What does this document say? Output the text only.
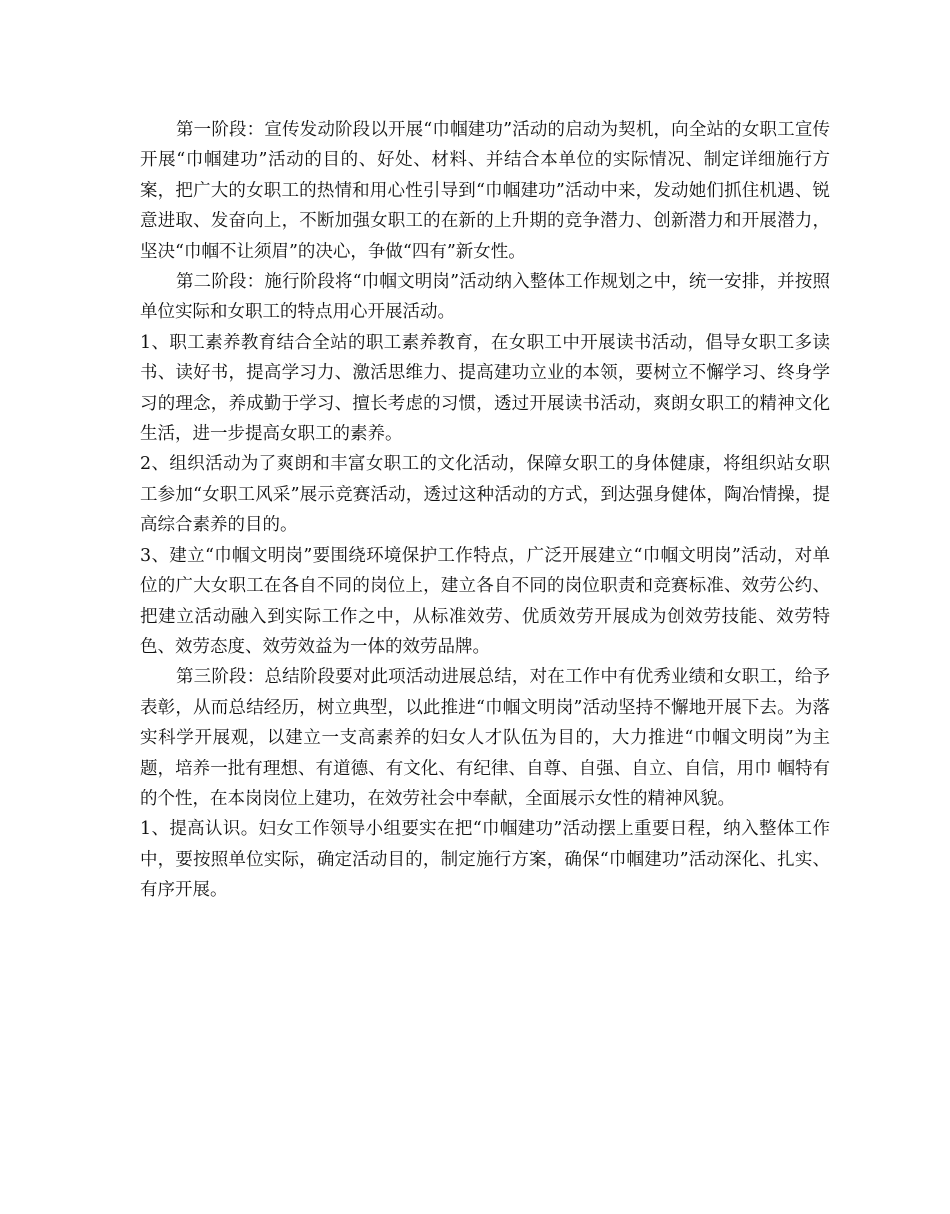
第一阶段：宣传发动阶段以开展“巾帼建功”活动的启动为契机，向全站的女职工宣传开展“巾帼建功”活动的目的、好处、材料、并结合本单位的实际情况、制定详细施行方案，把广大的女职工的热情和用心性引导到“巾帼建功”活动中来，发动她们抓住机遇、锐意进取、发奋向上，不断加强女职工的在新的上升期的竞争潜力、创新潜力和开展潜力，坚决“巾帼不让须眉”的决心，争做“四有”新女性。

第二阶段：施行阶段将“巾帼文明岗”活动纳入整体工作规划之中，统一安排，并按照单位实际和女职工的特点用心开展活动。

1、职工素养教育结合全站的职工素养教育，在女职工中开展读书活动，倡导女职工多读书、读好书，提高学习力、激活思维力、提高建功立业的本领，要树立不懈学习、终身学习的理念，养成勤于学习、擅长考虑的习惯，透过开展读书活动，爽朗女职工的精神文化生活，进一步提高女职工的素养。

2、组织活动为了爽朗和丰富女职工的文化活动，保障女职工的身体健康，将组织站女职工参加“女职工风采”展示竞赛活动，透过这种活动的方式，到达强身健体，陶冶情操，提高综合素养的目的。

3、建立“巾帼文明岗”要围绕环境保护工作特点，广泛开展建立“巾帼文明岗”活动，对单位的广大女职工在各自不同的岗位上，建立各自不同的岗位职责和竞赛标准、效劳公约、把建立活动融入到实际工作之中，从标准效劳、优质效劳开展成为创效劳技能、效劳特色、效劳态度、效劳效益为一体的效劳品牌。

第三阶段：总结阶段要对此项活动进展总结，对在工作中有优秀业绩和女职工，给予表彰，从而总结经历，树立典型，以此推进“巾帼文明岗”活动坚持不懈地开展下去。为落实科学开展观，以建立一支高素养的妇女人才队伍为目的，大力推进“巾帼文明岗”为主题，培养一批有理想、有道德、有文化、有纪律、自尊、自强、自立、自信，用巾 帼特有的个性，在本岗岗位上建功，在效劳社会中奉献，全面展示女性的精神风貌。

1、提高认识。妇女工作领导小组要实在把“巾帼建功”活动摆上重要日程，纳入整体工作中，要按照单位实际，确定活动目的，制定施行方案，确保“巾帼建功”活动深化、扎实、有序开展。
